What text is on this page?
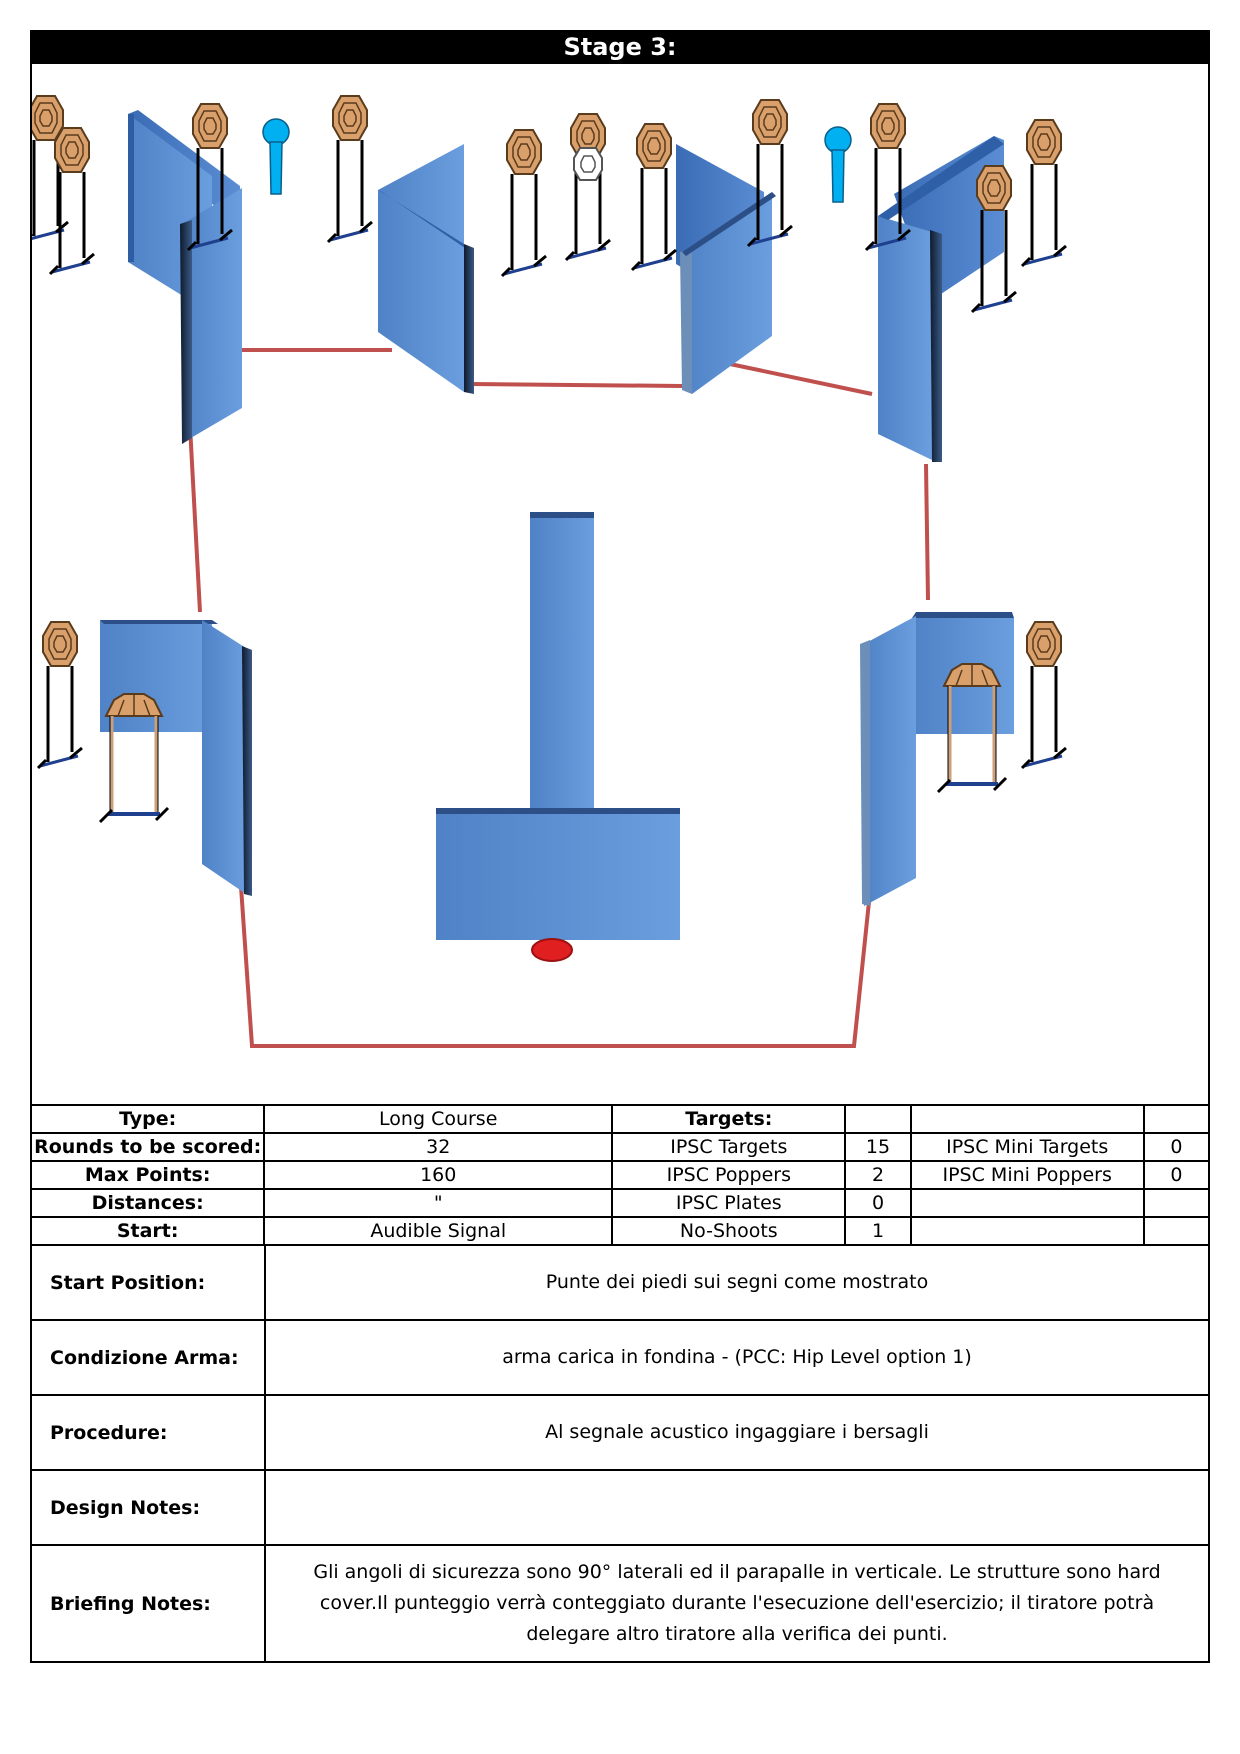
Stage 3:
Type:	Long Course	Targets:			
Rounds to be scored:	32	IPSC Targets	15	IPSC Mini Targets	0
Max Points:	160	IPSC Poppers	2	IPSC Mini Poppers	0
Distances:	"	IPSC Plates	0		
Start:	Audible Signal	No-Shoots	1		
Start Position:	Punte dei piedi sui segni come mostrato
Condizione Arma:	arma carica in fondina - (PCC: Hip Level option 1)
Procedure:	Al segnale acustico ingaggiare i bersagli
Design Notes:	
Briefing Notes:	Gli angoli di sicurezza sono 90° laterali ed il parapalle in verticale. Le strutture sono hard cover.Il punteggio verrà conteggiato durante l'esecuzione dell'esercizio; il tiratore potrà delegare altro tiratore alla verifica dei punti.
